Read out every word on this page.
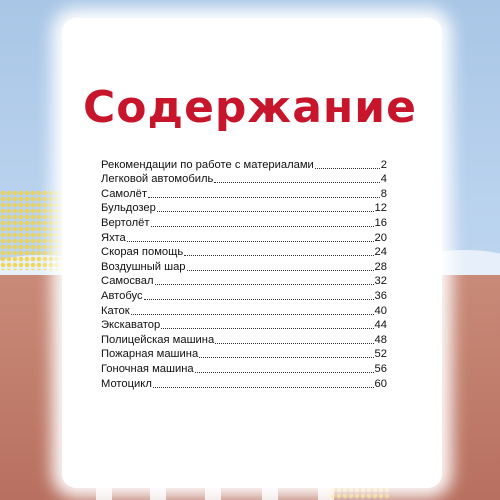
Содержание
Рекомендации по работе с материалами	2
Легковой автомобиль	4
Самолёт	8
Бульдозер	12
Вертолёт	16
Яхта	20
Скорая помощь	24
Воздушный шар	28
Самосвал	32
Автобус	36
Каток	40
Экскаватор	44
Полицейская машина	48
Пожарная машина	52
Гоночная машина	56
Мотоцикл	60
